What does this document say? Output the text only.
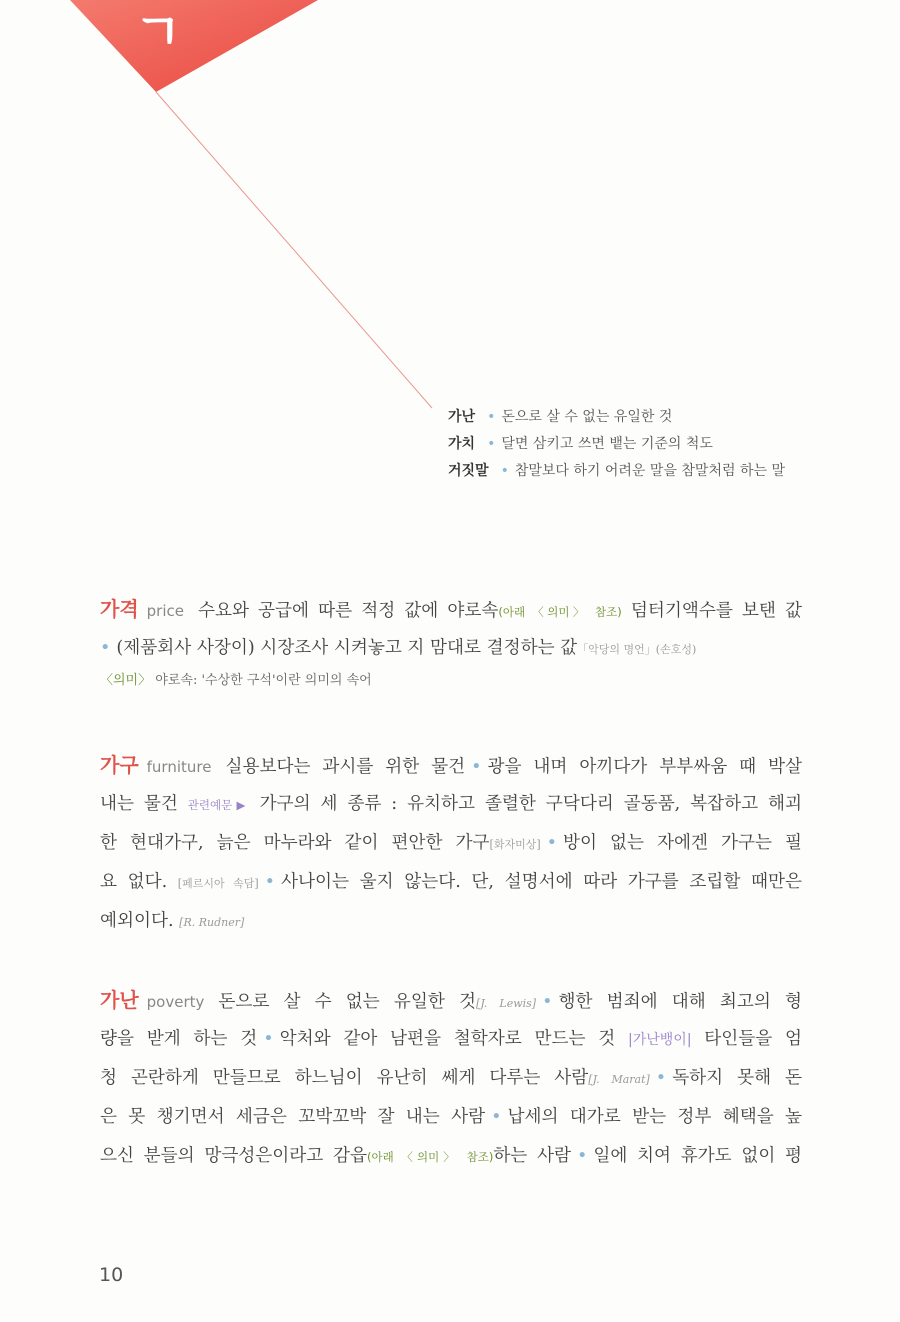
ㄱ
가난 • 돈으로 살 수 없는 유일한 것
가치 • 달면 삼키고 쓰면 뱉는 기준의 척도
거짓말 • 참말보다 하기 어려운 말을 참말처럼 하는 말
가격 price 수요와 공급에 따른 적정 값에 야로속(아래 〈의미〉 참조) 덤터기액수를 보탠 값
• (제품회사 사장이) 시장조사 시켜놓고 지 맘대로 결정하는 값「악당의 명언」(손호성)
〈의미〉 야로속: '수상한 구석'이란 의미의 속어
가구 furniture 실용보다는 과시를 위한 물건 • 광을 내며 아끼다가 부부싸움 때 박살
내는 물건 관련예문▶ 가구의 세 종류 : 유치하고 졸렬한 구닥다리 골동품, 복잡하고 해괴
한 현대가구, 늙은 마누라와 같이 편안한 가구[화자미상] • 방이 없는 자에겐 가구는 필
요 없다. [페르시아 속담] • 사나이는 울지 않는다. 단, 설명서에 따라 가구를 조립할 때만은
예외이다. [R. Rudner]
가난 poverty 돈으로 살 수 없는 유일한 것[J. Lewis] • 행한 범죄에 대해 최고의 형
량을 받게 하는 것 • 악처와 같아 남편을 철학자로 만드는 것 |가난뱅이| 타인들을 엄
청 곤란하게 만들므로 하느님이 유난히 쎄게 다루는 사람[J. Marat] • 독하지 못해 돈
은 못 챙기면서 세금은 꼬박꼬박 잘 내는 사람 • 납세의 대가로 받는 정부 혜택을 높
으신 분들의 망극성은이라고 감읍(아래 〈의미〉 참조)하는 사람 • 일에 치여 휴가도 없이 평
10
